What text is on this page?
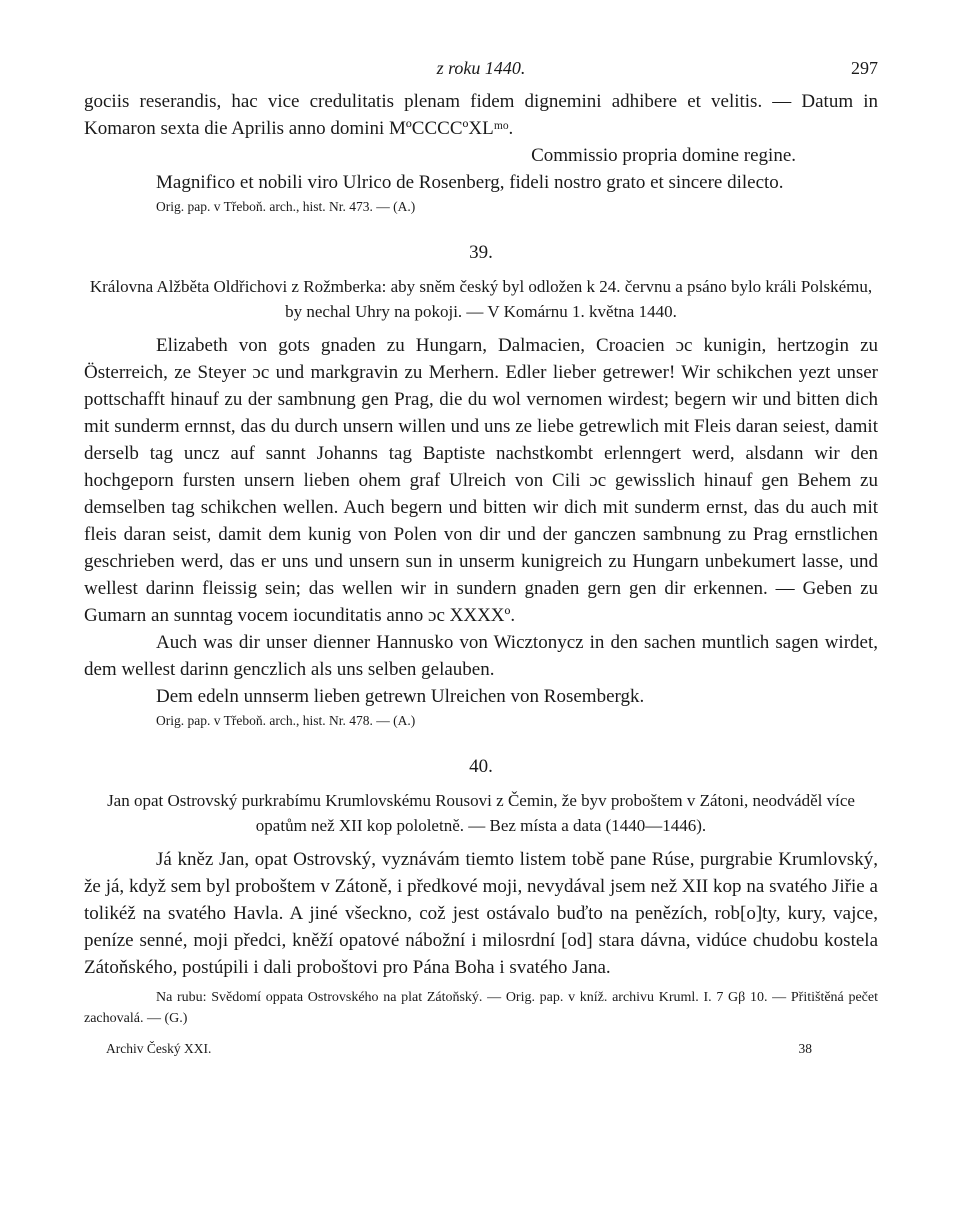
z roku 1440.	297

gociis reserandis, hac vice credulitatis plenam fidem dignemini adhibere et velitis. — Datum in Komaron sexta die Aprilis anno domini MºCCCCºXLᵐᵒ.

Commissio propria domine regine.

Magnifico et nobili viro Ulrico de Rosenberg, fideli nostro grato et sincere dilecto.

Orig. pap. v Třeboň. arch., hist. Nr. 473. — (A.)

39.

Královna Alžběta Oldřichovi z Rožmberka: aby sněm český byl odložen k 24. červnu a psáno bylo králi Polskému, by nechal Uhry na pokoji. — V Komárnu 1. května 1440.

Elizabeth von gots gnaden zu Hungarn, Dalmacien, Croacien ɔc kunigin, hertzogin zu Österreich, ze Steyer ɔc und markgravin zu Merhern. Edler lieber getrewer! Wir schikchen yezt unser pottschafft hinauf zu der sambnung gen Prag, die du wol vernomen wirdest; begern wir und bitten dich mit sunderm ernnst, das du durch unsern willen und uns ze liebe getrewlich mit Fleis daran seiest, damit derselb tag uncz auf sannt Johanns tag Baptiste nachstkombt erlenngert werd, alsdann wir den hochgeporn fursten unsern lieben ohem graf Ulreich von Cili ɔc gewisslich hinauf gen Behem zu demselben tag schikchen wellen. Auch begern und bitten wir dich mit sunderm ernst, das du auch mit fleis daran seist, damit dem kunig von Polen von dir und der ganczen sambnung zu Prag ernstlichen geschrieben werd, das er uns und unsern sun in unserm kunigreich zu Hungarn unbekumert lasse, und wellest darinn fleissig sein; das wellen wir in sundern gnaden gern gen dir erkennen. — Geben zu Gumarn an sunntag vocem iocunditatis anno ɔc XXXXº.

Auch was dir unser dienner Hannusko von Wicztonycz in den sachen muntlich sagen wirdet, dem wellest darinn genczlich als uns selben gelauben.

Dem edeln unnserm lieben getrewn Ulreichen von Rosembergk.

Orig. pap. v Třeboň. arch., hist. Nr. 478. — (A.)

40.

Jan opat Ostrovský purkrabímu Krumlovskému Rousovi z Čemin, že byv proboštem v Zátoni, neodváděl více opatům než XII kop pololetně. — Bez místa a data (1440—1446).

Já kněz Jan, opat Ostrovský, vyznávám tiemto listem tobě pane Rúse, purgrabie Krumlovský, že já, když sem byl proboštem v Zátoně, i předkové moji, nevydával jsem než XII kop na svatého Jiřie a tolikéž na svatého Havla. A jiné všeckno, což jest ostávalo buďto na penězích, rob[o]ty, kury, vajce, peníze senné, moji předci, kněží opatové nábožní i milosrdní [od] stara dávna, vidúce chudobu kostela Zátoňského, postúpili i dali proboštovi pro Pána Boha i svatého Jana.

Na rubu: Svědomí oppata Ostrovského na plat Zátoňský. — Orig. pap. v kníž. archivu Kruml. I. 7 Gβ 10. — Přitištěná pečet zachovalá. — (G.)

Archiv Český XXI.	38
